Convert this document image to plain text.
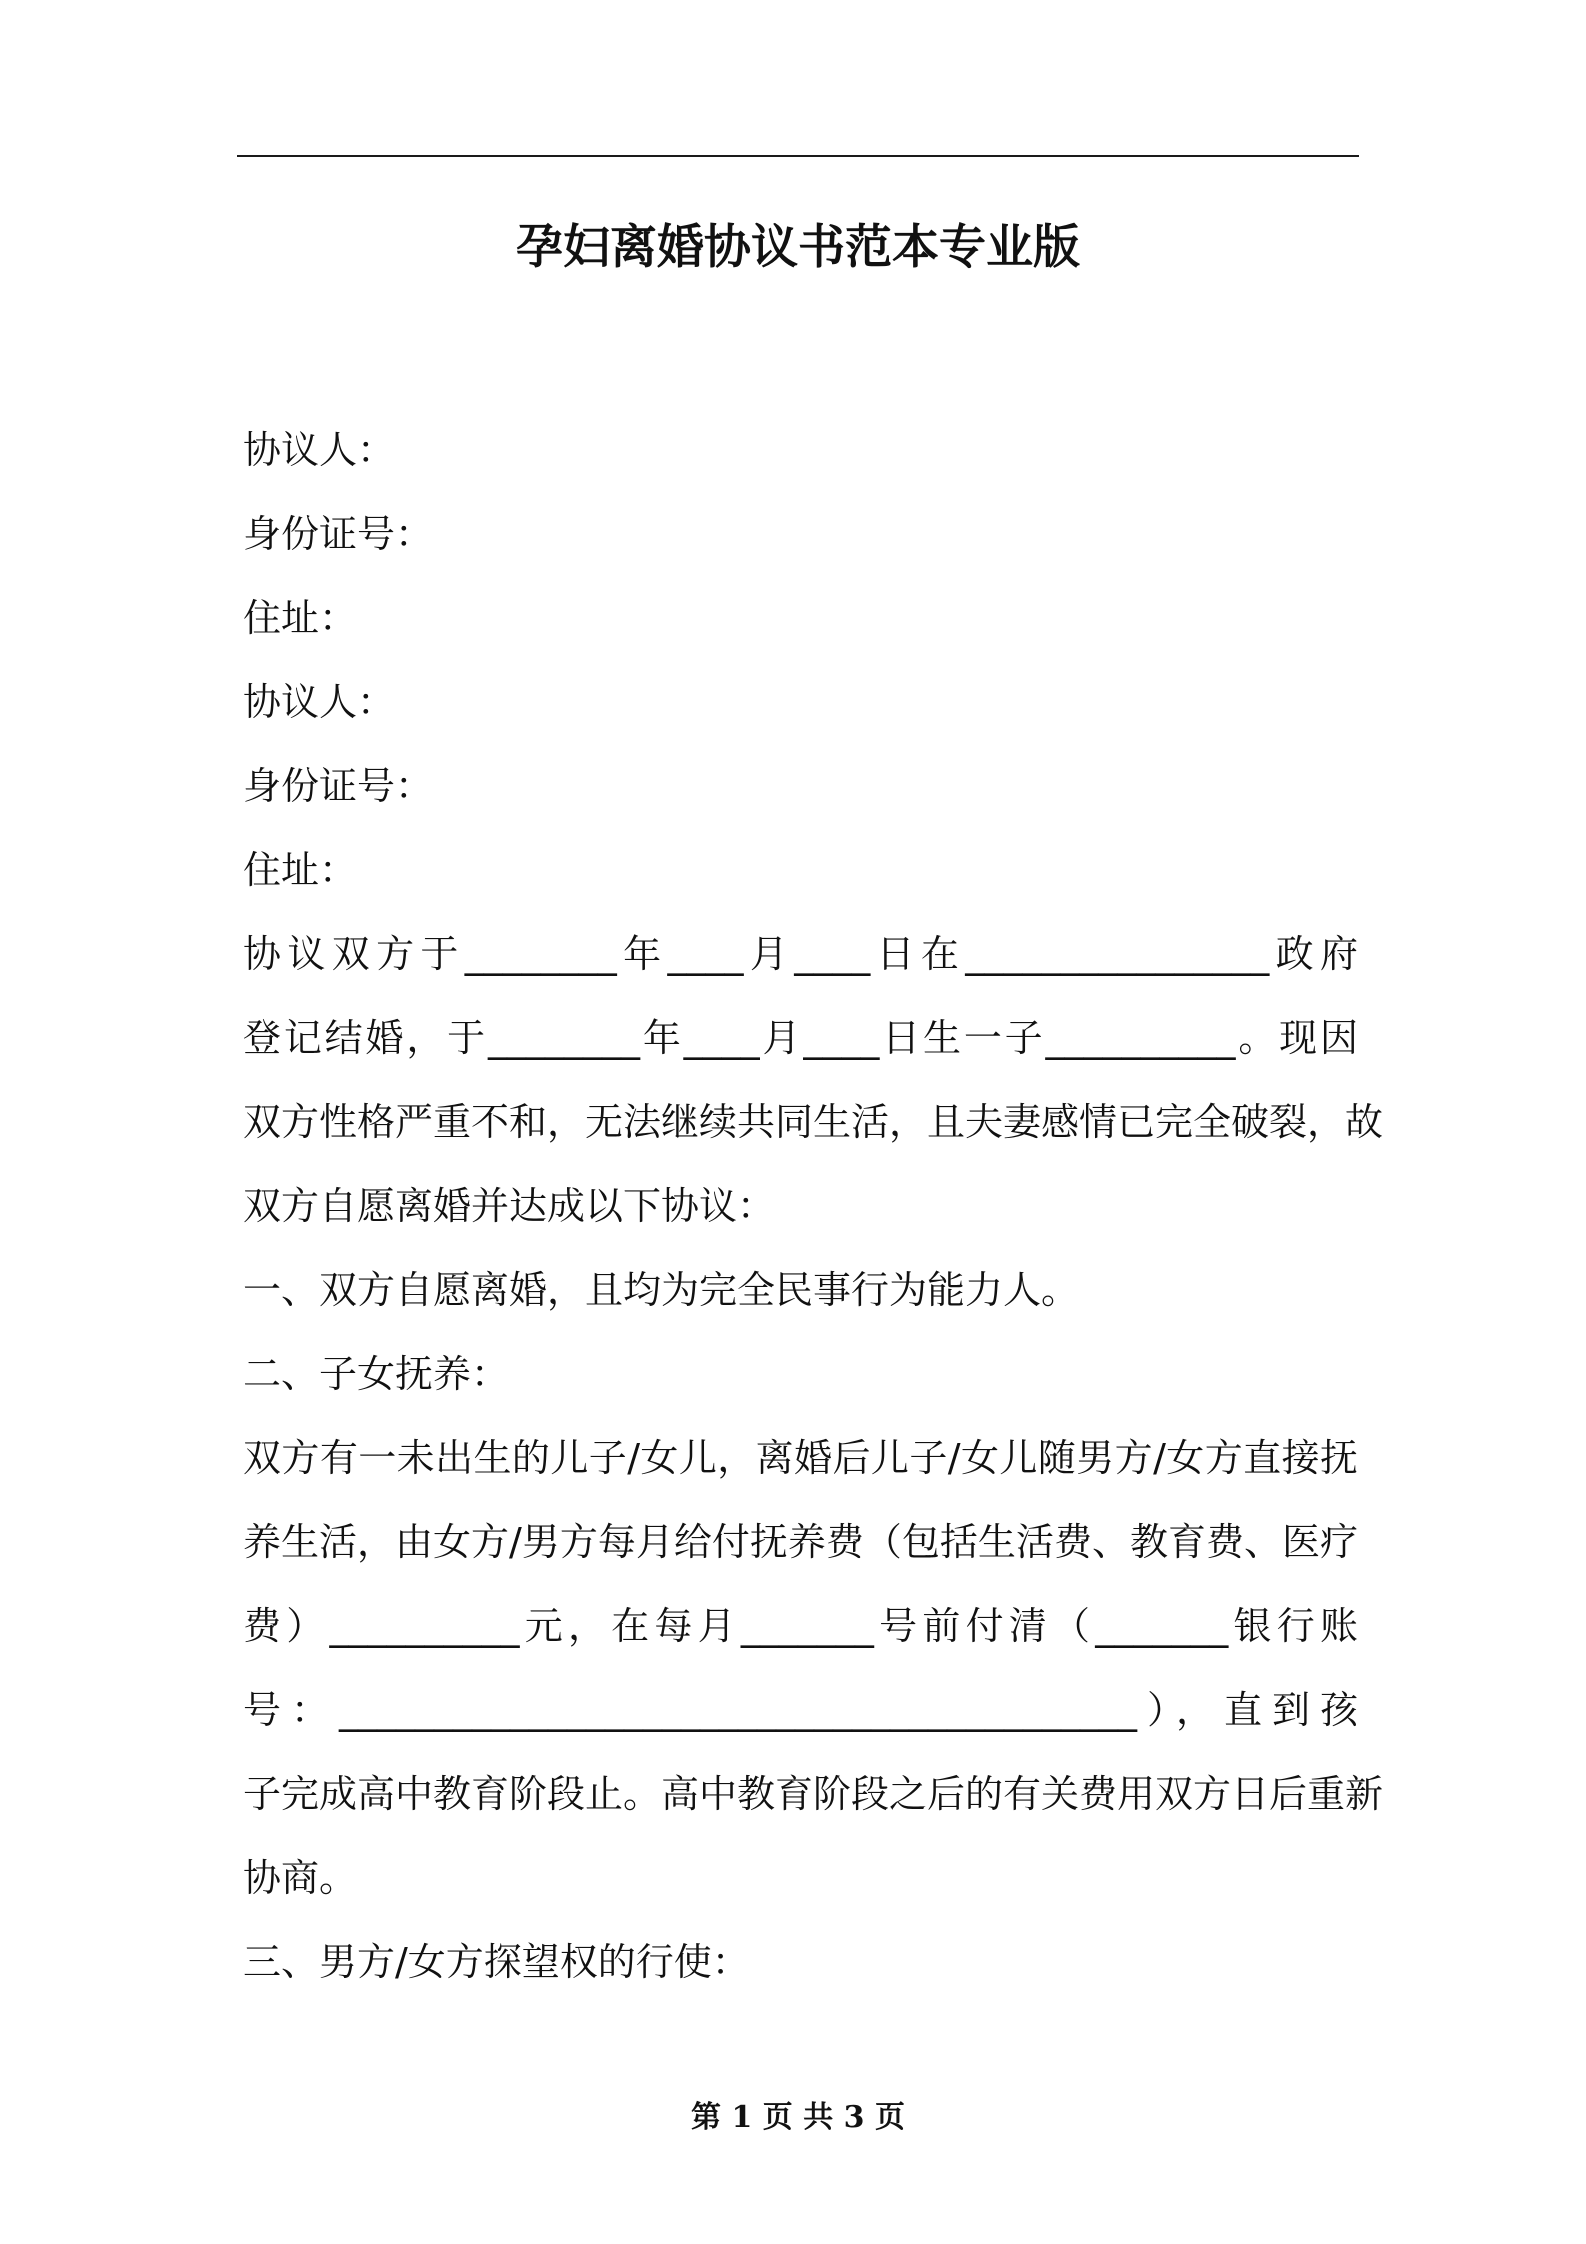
孕妇离婚协议书范本专业版
协议人：
身份证号：
住址：
协议人：
身份证号：
住址：
协议双方于________年____月____日在________________政府
登记结婚，于________年____月____日生一子__________。现因
双方性格严重不和，无法继续共同生活，且夫妻感情已完全破裂，故
双方自愿离婚并达成以下协议：
一、双方自愿离婚，且均为完全民事行为能力人。
二、子女抚养：
双方有一未出生的儿子/女儿，离婚后儿子/女儿随男方/女方直接抚
养生活，由女方/男方每月给付抚养费（包括生活费、教育费、医疗
费）__________元，在每月_______号前付清（_______银行账
号：__________________________________________），直到孩
子完成高中教育阶段止。高中教育阶段之后的有关费用双方日后重新
协商。
三、男方/女方探望权的行使：
第 1 页 共 3 页
